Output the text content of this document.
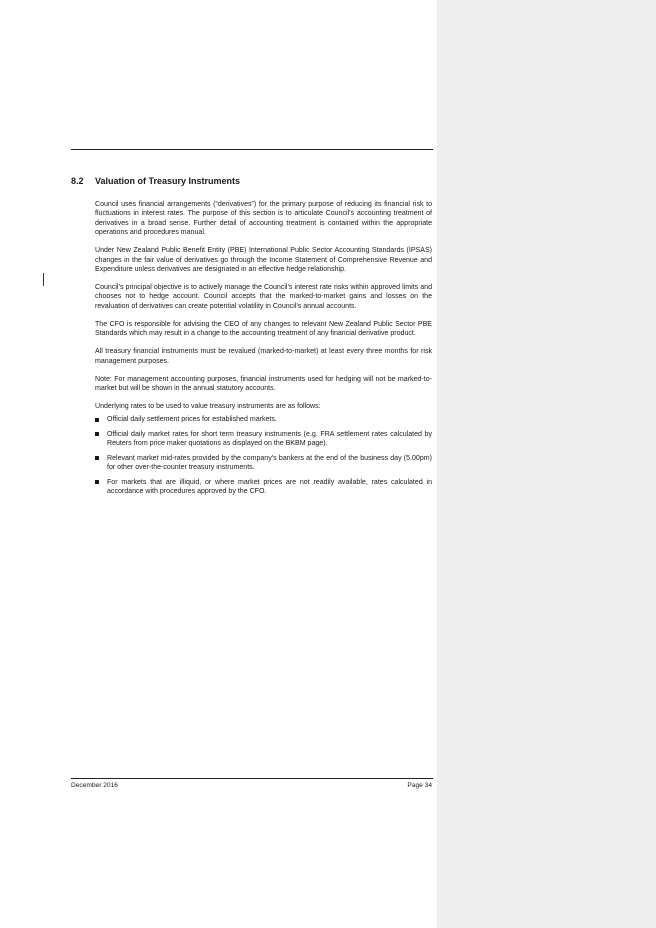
8.2 Valuation of Treasury Instruments

Council uses financial arrangements (“derivatives”) for the primary purpose of reducing its financial risk to fluctuations in interest rates. The purpose of this section is to articulate Council’s accounting treatment of derivatives in a broad sense. Further detail of accounting treatment is contained within the appropriate operations and procedures manual.

Under New Zealand Public Benefit Entity (PBE) International Public Sector Accounting Standards (IPSAS) changes in the fair value of derivatives go through the Income Statement of Comprehensive Revenue and Expenditure unless derivatives are designated in an effective hedge relationship.

Council’s principal objective is to actively manage the Council’s interest rate risks within approved limits and chooses not to hedge account. Council accepts that the marked-to-market gains and losses on the revaluation of derivatives can create potential volatility in Council’s annual accounts.

The CFO is responsible for advising the CEO of any changes to relevant New Zealand Public Sector PBE Standards which may result in a change to the accounting treatment of any financial derivative product.

All treasury financial instruments must be revalued (marked-to-market) at least every three months for risk management purposes.

Note: For management accounting purposes, financial instruments used for hedging will not be marked-to-market but will be shown in the annual statutory accounts.

Underlying rates to be used to value treasury instruments are as follows:

Official daily settlement prices for established markets.
Official daily market rates for short term treasury instruments (e.g. FRA settlement rates calculated by Reuters from price maker quotations as displayed on the BKBM page).
Relevant market mid-rates provided by the company’s bankers at the end of the business day (5.00pm) for other over-the-counter treasury instruments.
For markets that are illiquid, or where market prices are not readily available, rates calculated in accordance with procedures approved by the CFO.
December 2016	Page 34
